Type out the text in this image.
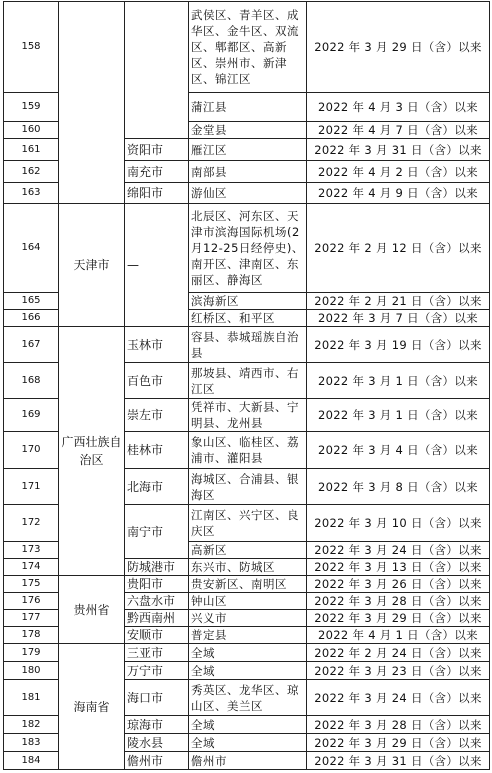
158			武侯区、青羊区、成华区、金牛区、双流区、郫都区、高新区、崇州市、新津区、锦江区	2022 年 3 月 29 日（含）以来
159			蒲江县	2022 年 4 月 3 日（含）以来
160			金堂县	2022 年 4 月 7 日（含）以来
161		资阳市	雁江区	2022 年 3 月 31 日（含）以来
162		南充市	南部县	2022 年 4 月 2 日（含）以来
163		绵阳市	游仙区	2022 年 4 月 9 日（含）以来
164	天津市	—	北辰区、河东区、天津市滨海国际机场(2月12-25日经停史)、南开区、津南区、东丽区、静海区	2022 年 2 月 12 日（含）以来
165			滨海新区	2022 年 2 月 21 日（含）以来
166			红桥区、和平区	2022 年 3 月 7 日（含）以来
167	广西壮族自治区	玉林市	容县、恭城瑶族自治县	2022 年 3 月 19 日（含）以来
168		百色市	那坡县、靖西市、右江区	2022 年 3 月 1 日（含）以来
169		崇左市	凭祥市、大新县、宁明县、龙州县	2022 年 3 月 1 日（含）以来
170		桂林市	象山区、临桂区、荔浦市、灌阳县	2022 年 3 月 4 日（含）以来
171		北海市	海城区、合浦县、银海区	2022 年 3 月 8 日（含）以来
172		南宁市	江南区、兴宁区、良庆区	2022 年 3 月 10 日（含）以来
173			高新区	2022 年 3 月 24 日（含）以来
174		防城港市	东兴市、防城区	2022 年 3 月 13 日（含）以来
175	贵州省	贵阳市	贵安新区、南明区	2022 年 3 月 26 日（含）以来
176		六盘水市	钟山区	2022 年 3 月 28 日（含）以来
177		黔西南州	兴义市	2022 年 3 月 29 日（含）以来
178		安顺市	普定县	2022 年 4 月 1 日（含）以来
179	海南省	三亚市	全域	2022 年 2 月 24 日（含）以来
180		万宁市	全域	2022 年 3 月 23 日（含）以来
181		海口市	秀英区、龙华区、琼山区、美兰区	2022 年 3 月 24 日（含）以来
182		琼海市	全域	2022 年 3 月 28 日（含）以来
183		陵水县	全域	2022 年 3 月 29 日（含）以来
184		儋州市	儋州市	2022 年 3 月 31 日（含）以来
